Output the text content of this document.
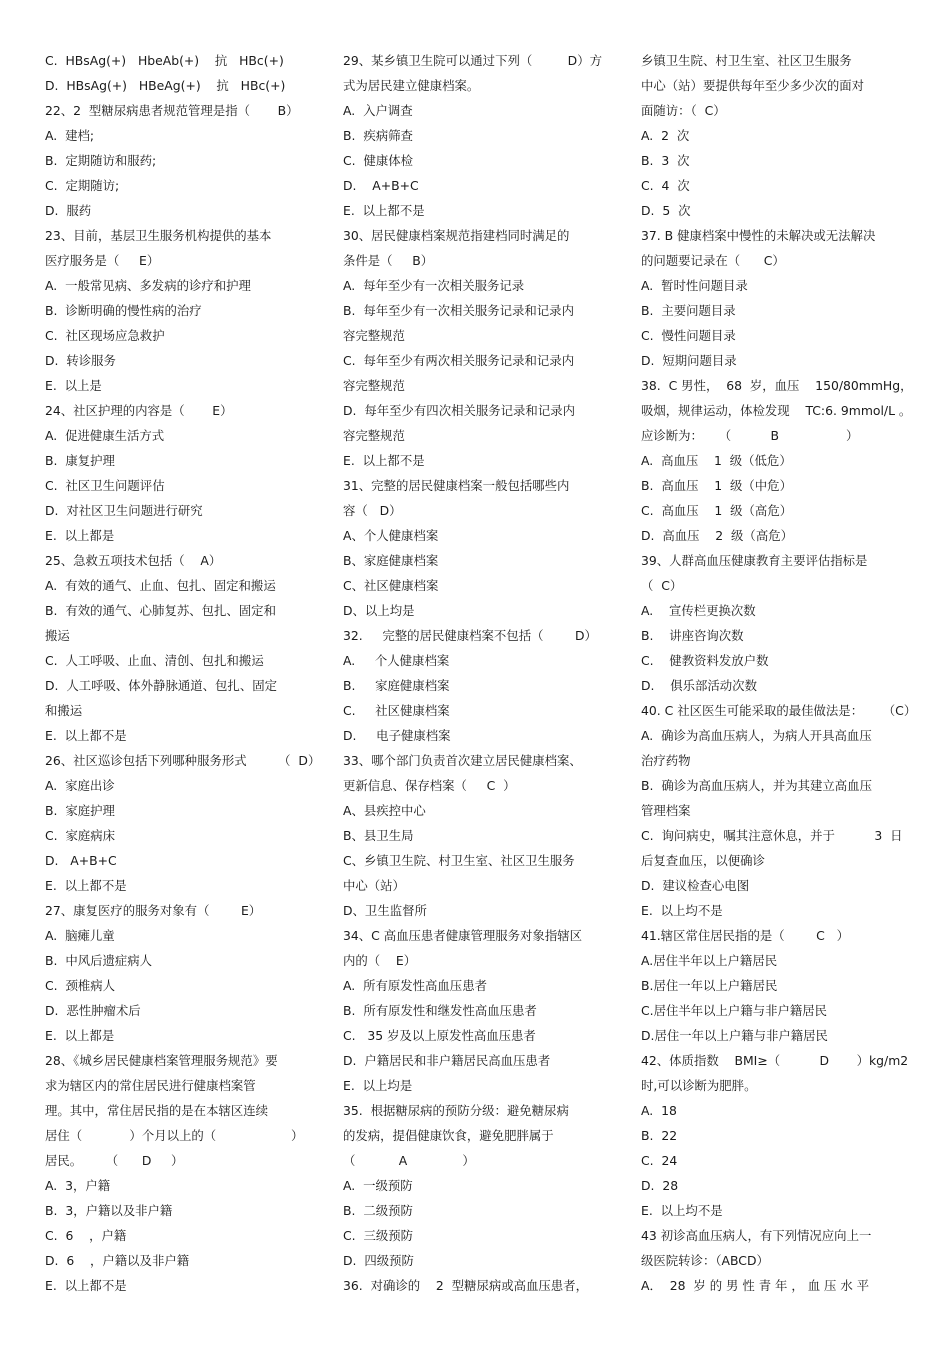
C.  HBsAg(+)   HbeAb(+)    抗   HBc(+)
D.  HBsAg(+)   HBeAg(+)    抗   HBc(+)
22、2  型糖尿病患者规范管理是指（       B）
A.  建档;
B.  定期随访和服药;
C.  定期随访;
D.  服药
23、目前，基层卫生服务机构提供的基本
医疗服务是（     E）
A.  一般常见病、多发病的诊疗和护理
B.  诊断明确的慢性病的治疗
C.  社区现场应急救护
D.  转诊服务
E.  以上是
24、社区护理的内容是（       E）
A.  促进健康生活方式
B.  康复护理
C.  社区卫生问题评估
D.  对社区卫生问题进行研究
E.  以上都是
25、急救五项技术包括（    A）
A.  有效的通气、止血、包扎、固定和搬运
B.  有效的通气、心肺复苏、包扎、固定和
搬运
C.  人工呼吸、止血、清创、包扎和搬运
D.  人工呼吸、体外静脉通道、包扎、固定
和搬运
E.  以上都不是
26、社区巡诊包括下列哪种服务形式        （  D）
A.  家庭出诊
B.  家庭护理
C.  家庭病床
D.   A+B+C
E.  以上都不是
27、康复医疗的服务对象有（        E）
A.  脑瘫儿童
B.  中风后遗症病人
C.  颈椎病人
D.  恶性肿瘤术后
E.  以上都是
28、《城乡居民健康档案管理服务规范》要
求为辖区内的常住居民进行健康档案管
理。其中，常住居民指的是在本辖区连续
居住（            ）个月以上的（                   ）
居民。      （      D     ）
A.  3，户籍
B.  3，户籍以及非户籍
C.  6    ，户籍
D.  6    ，户籍以及非户籍
E.  以上都不是
29、某乡镇卫生院可以通过下列（         D）方
式为居民建立健康档案。
A.  入户调查
B.  疾病筛查
C.  健康体检
D.    A+B+C
E.  以上都不是
30、居民健康档案规范指建档同时满足的
条件是（     B）
A.  每年至少有一次相关服务记录
B.  每年至少有一次相关服务记录和记录内
容完整规范
C.  每年至少有两次相关服务记录和记录内
容完整规范
D.  每年至少有四次相关服务记录和记录内
容完整规范
E.  以上都不是
31、完整的居民健康档案一般包括哪些内
容（   D）
A、个人健康档案
B、家庭健康档案
C、社区健康档案
D、以上均是
32.     完整的居民健康档案不包括（        D）
A.     个人健康档案
B.     家庭健康档案
C.     社区健康档案
D.     电子健康档案
33、哪个部门负责首次建立居民健康档案、
更新信息、保存档案（     C  ）
A、县疾控中心
B、县卫生局
C、乡镇卫生院、村卫生室、社区卫生服务
中心（站）
D、卫生监督所
34、C 高血压患者健康管理服务对象指辖区
内的（    E）
A.  所有原发性高血压患者
B.  所有原发性和继发性高血压患者
C.   35 岁及以上原发性高血压患者
D.  户籍居民和非户籍居民高血压患者
E.  以上均是
35.  根据糖尿病的预防分级：避免糖尿病
的发病，提倡健康饮食，避免肥胖属于
（           A              ）
A.  一级预防
B.  二级预防
C.  三级预防
D.  四级预防
36.  对确诊的    2  型糖尿病或高血压患者，
乡镇卫生院、村卫生室、社区卫生服务
中心（站）要提供每年至少多少次的面对
面随访：（  C）
A.  2  次
B.  3  次
C.  4  次
D.  5  次
37. B 健康档案中慢性的未解决或无法解决
的问题要记录在（      C）
A.  暂时性问题目录
B.  主要问题目录
C.  慢性问题目录
D.  短期问题目录
38.  C 男性，  68  岁，血压    150/80mmHg，
吸烟，规律运动，体检发现    TC:6. 9mmol/L 。
应诊断为：    （          B                 ）
A.  高血压    1  级（低危）
B.  高血压    1  级（中危）
C.  高血压    1  级（高危）
D.  高血压    2  级（高危）
39、人群高血压健康教育主要评估指标是
（  C）
A.    宣传栏更换次数
B.    讲座咨询次数
C.    健教资料发放户数
D.    俱乐部活动次数
40. C 社区医生可能采取的最佳做法是：     （C）
A.  确诊为高血压病人，为病人开具高血压
治疗药物
B.  确诊为高血压病人，并为其建立高血压
管理档案
C.  询问病史，嘱其注意休息，并于          3  日
后复查血压，以便确诊
D.  建议检查心电图
E.  以上均不是
41.辖区常住居民指的是（        C   ）
A.居住半年以上户籍居民
B.居住一年以上户籍居民
C.居住半年以上户籍与非户籍居民
D.居住一年以上户籍与非户籍居民
42、体质指数    BMI≥（          D       ）kg/m2
时,可以诊断为肥胖。
A.  18
B.  22
C.  24
D.  28
E.  以上均不是
43 初诊高血压病人，有下列情况应向上一
级医院转诊：（ABCD）
A．  28  岁 的 男 性 青 年 ， 血 压 水 平
